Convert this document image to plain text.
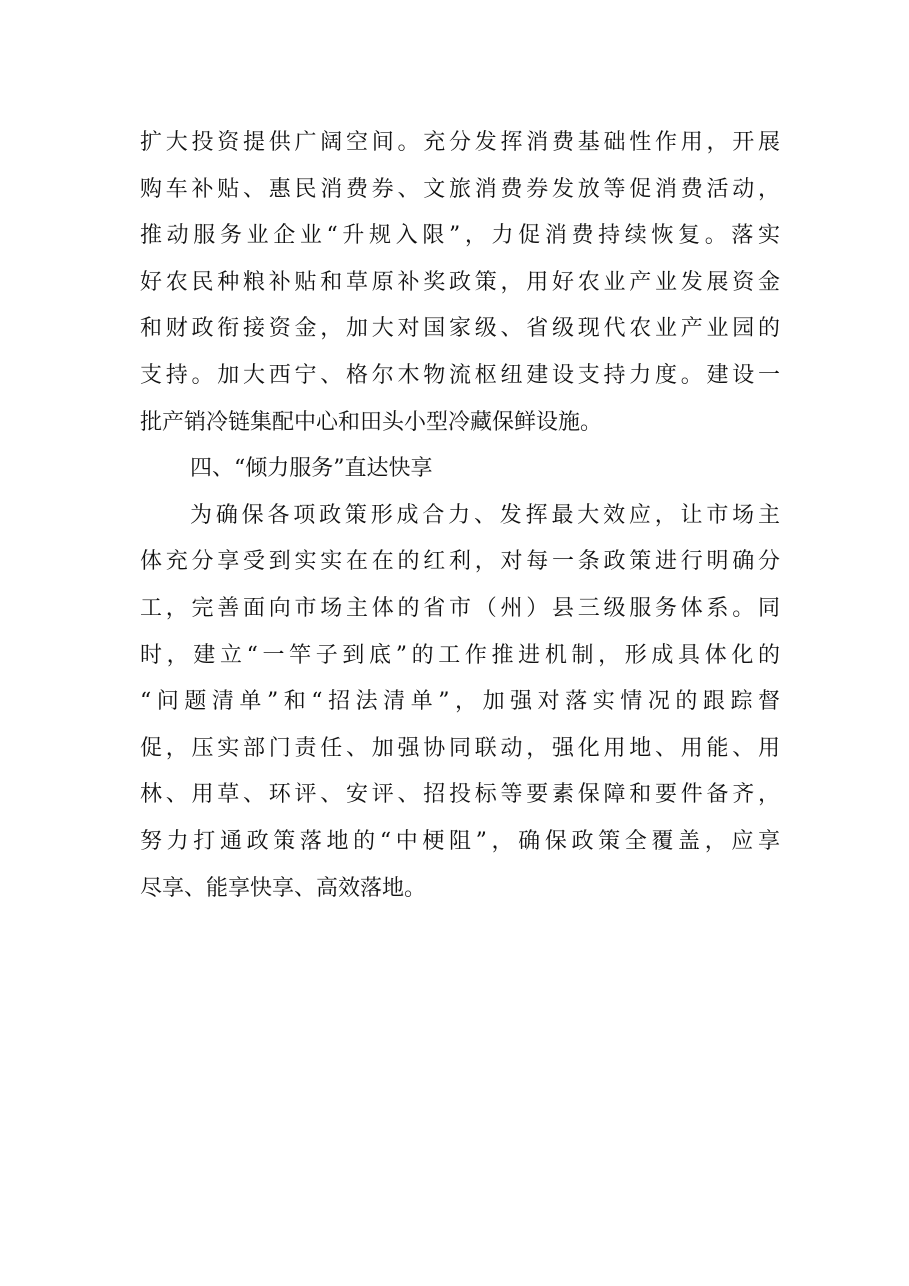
扩大投资提供广阔空间。充分发挥消费基础性作用，开展
购车补贴、惠民消费券、文旅消费券发放等促消费活动，
推动服务业企业“升规入限”，力促消费持续恢复。落实
好农民种粮补贴和草原补奖政策，用好农业产业发展资金
和财政衔接资金，加大对国家级、省级现代农业产业园的
支持。加大西宁、格尔木物流枢纽建设支持力度。建设一
批产销冷链集配中心和田头小型冷藏保鲜设施。
四、“倾力服务”直达快享
为确保各项政策形成合力、发挥最大效应，让市场主
体充分享受到实实在在的红利，对每一条政策进行明确分
工，完善面向市场主体的省市（州）县三级服务体系。同
时，建立“一竿子到底”的工作推进机制，形成具体化的
“问题清单”和“招法清单”，加强对落实情况的跟踪督
促，压实部门责任、加强协同联动，强化用地、用能、用
林、用草、环评、安评、招投标等要素保障和要件备齐，
努力打通政策落地的“中梗阻”，确保政策全覆盖，应享
尽享、能享快享、高效落地。
